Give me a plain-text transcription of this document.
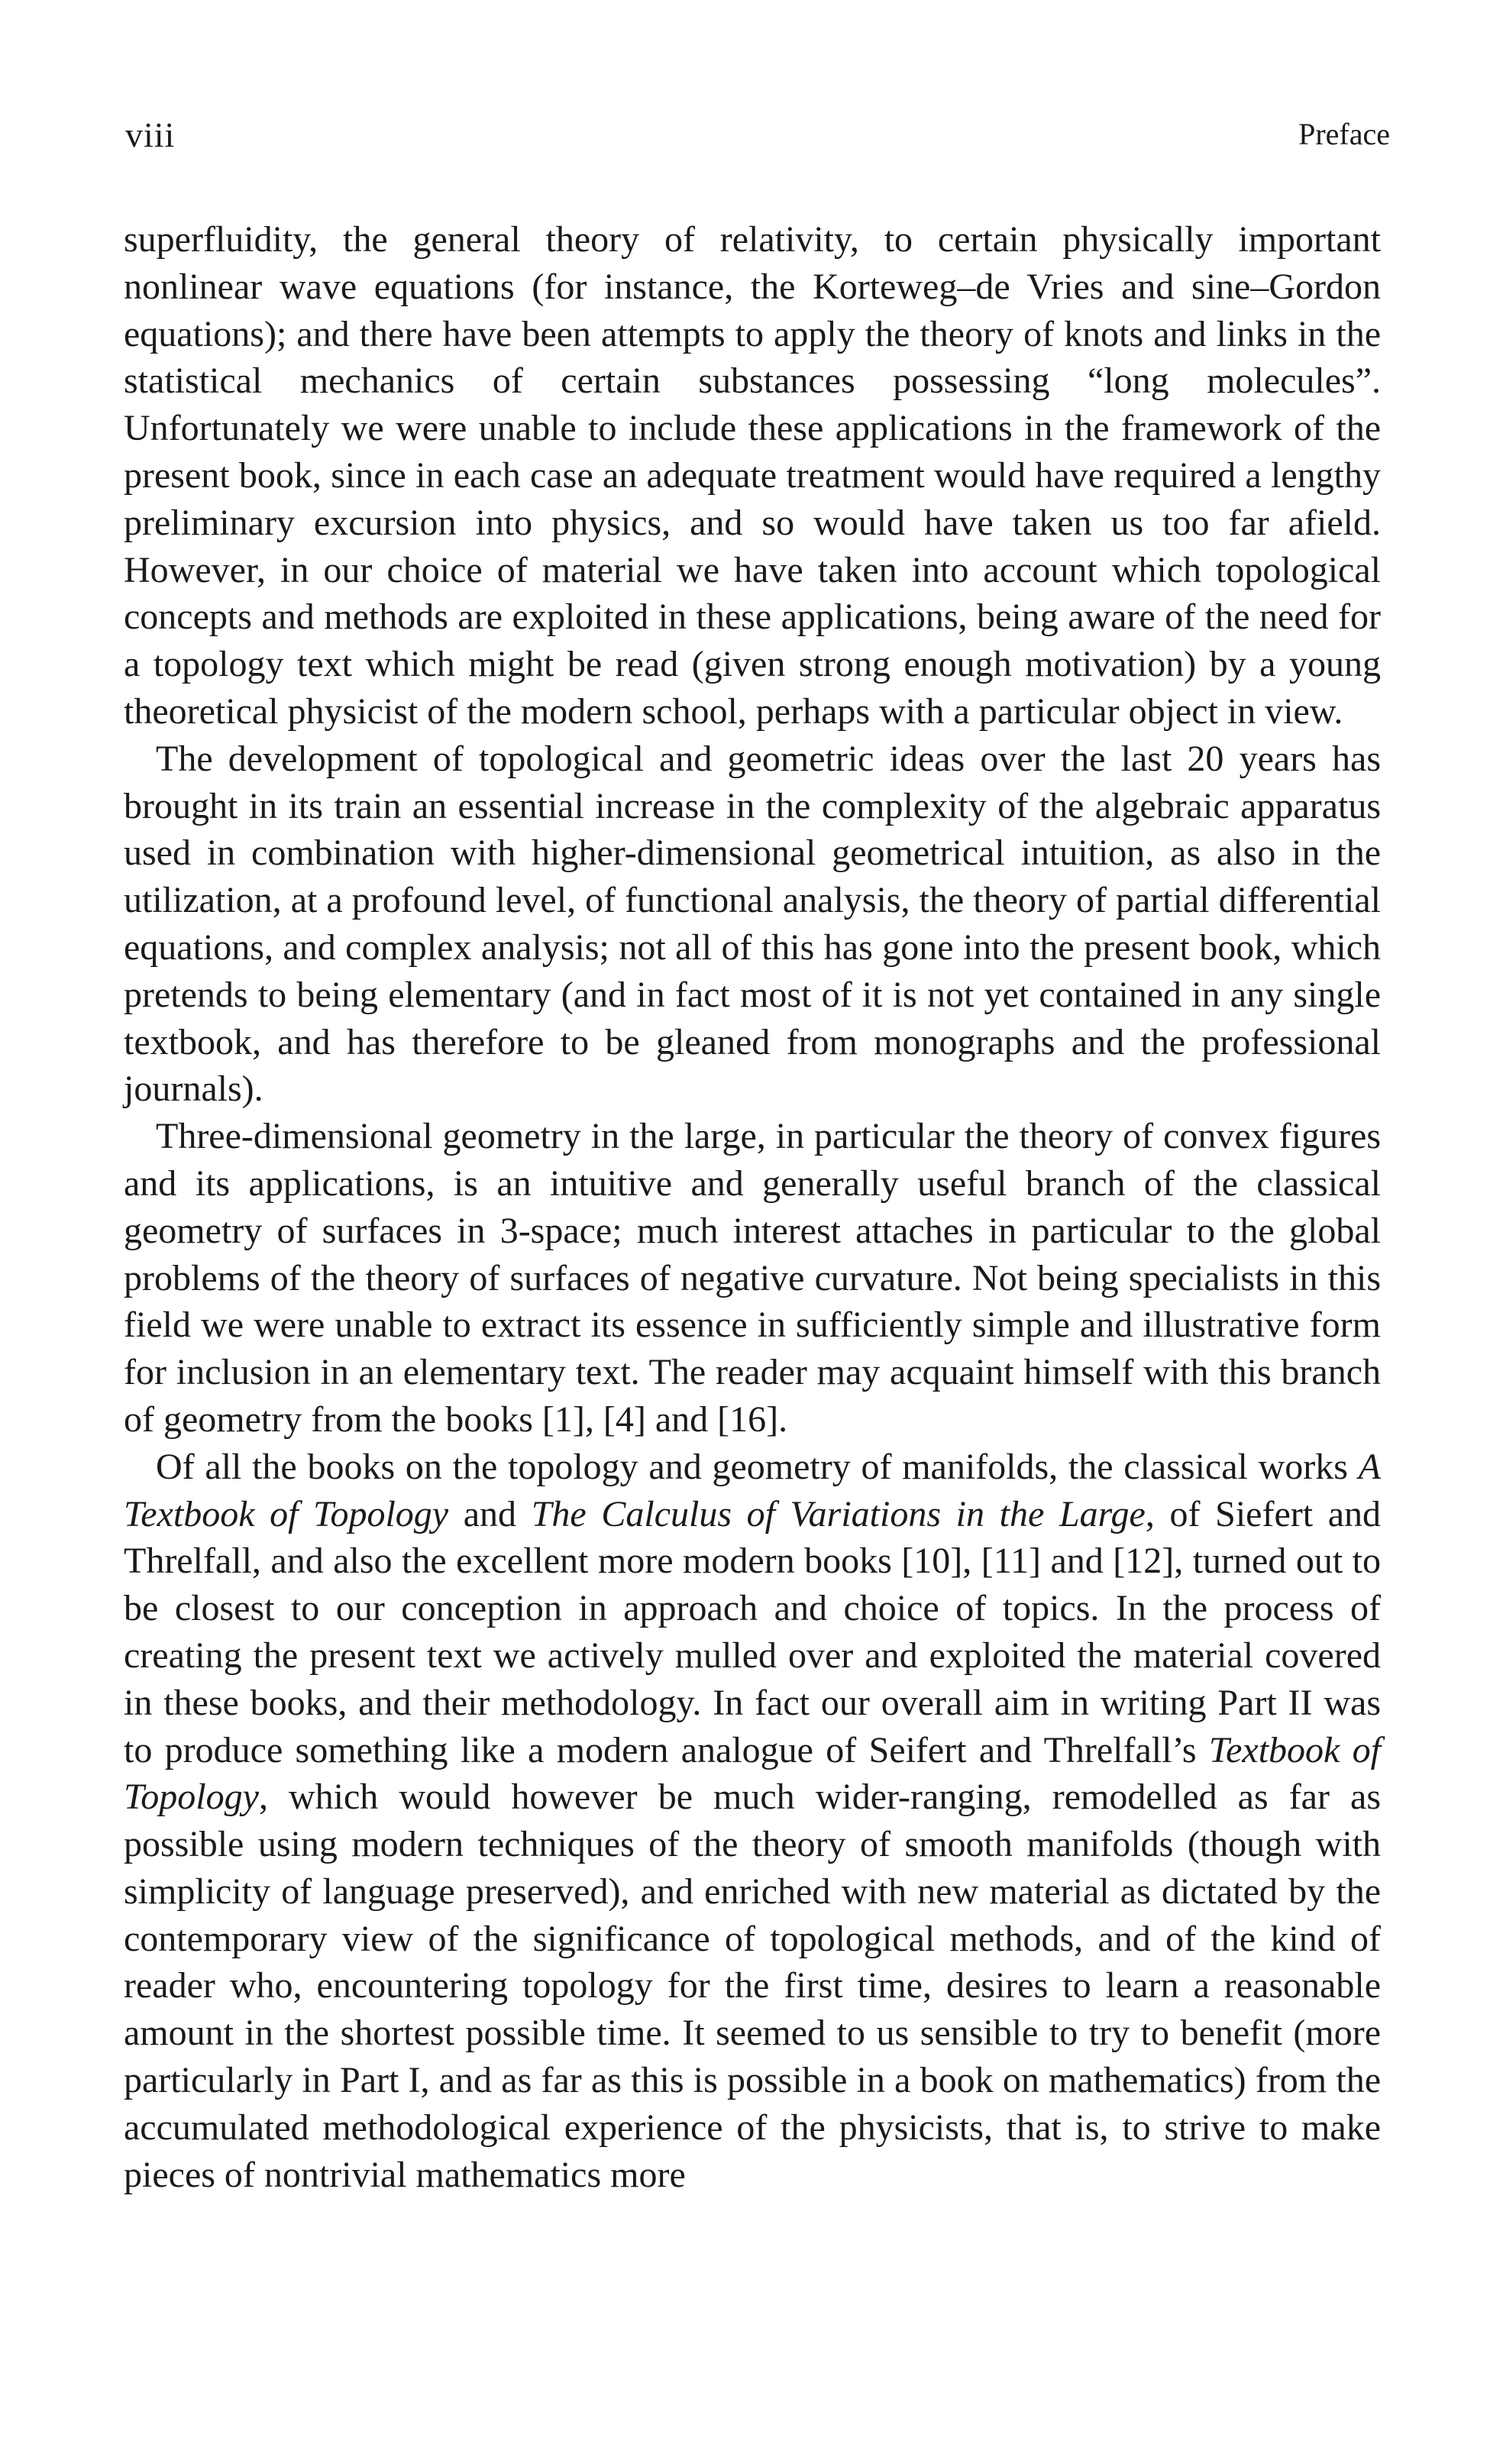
viii	Preface

superfluidity, the general theory of relativity, to certain physically important nonlinear wave equations (for instance, the Korteweg–de Vries and sine–Gordon equations); and there have been attempts to apply the theory of knots and links in the statistical mechanics of certain substances possessing “long molecules”. Unfortunately we were unable to include these applications in the framework of the present book, since in each case an adequate treatment would have required a lengthy preliminary excursion into physics, and so would have taken us too far afield. However, in our choice of material we have taken into account which topological concepts and methods are exploited in these applications, being aware of the need for a topology text which might be read (given strong enough motivation) by a young theoretical physicist of the modern school, perhaps with a particular object in view.

The development of topological and geometric ideas over the last 20 years has brought in its train an essential increase in the complexity of the algebraic apparatus used in combination with higher-dimensional geometrical intuition, as also in the utilization, at a profound level, of functional analysis, the theory of partial differential equations, and complex analysis; not all of this has gone into the present book, which pretends to being elementary (and in fact most of it is not yet contained in any single textbook, and has therefore to be gleaned from monographs and the professional journals).

Three-dimensional geometry in the large, in particular the theory of convex figures and its applications, is an intuitive and generally useful branch of the classical geometry of surfaces in 3-space; much interest attaches in particular to the global problems of the theory of surfaces of negative curvature. Not being specialists in this field we were unable to extract its essence in sufficiently simple and illustrative form for inclusion in an elementary text. The reader may acquaint himself with this branch of geometry from the books [1], [4] and [16].

Of all the books on the topology and geometry of manifolds, the classical works A Textbook of Topology and The Calculus of Variations in the Large, of Siefert and Threlfall, and also the excellent more modern books [10], [11] and [12], turned out to be closest to our conception in approach and choice of topics. In the process of creating the present text we actively mulled over and exploited the material covered in these books, and their methodology. In fact our overall aim in writing Part II was to produce something like a modern analogue of Seifert and Threlfall’s Textbook of Topology, which would however be much wider-ranging, remodelled as far as possible using modern techniques of the theory of smooth manifolds (though with simplicity of language preserved), and enriched with new material as dictated by the contemporary view of the significance of topological methods, and of the kind of reader who, encountering topology for the first time, desires to learn a reasonable amount in the shortest possible time. It seemed to us sensible to try to benefit (more particularly in Part I, and as far as this is possible in a book on mathematics) from the accumulated methodological experience of the physicists, that is, to strive to make pieces of nontrivial mathematics more
